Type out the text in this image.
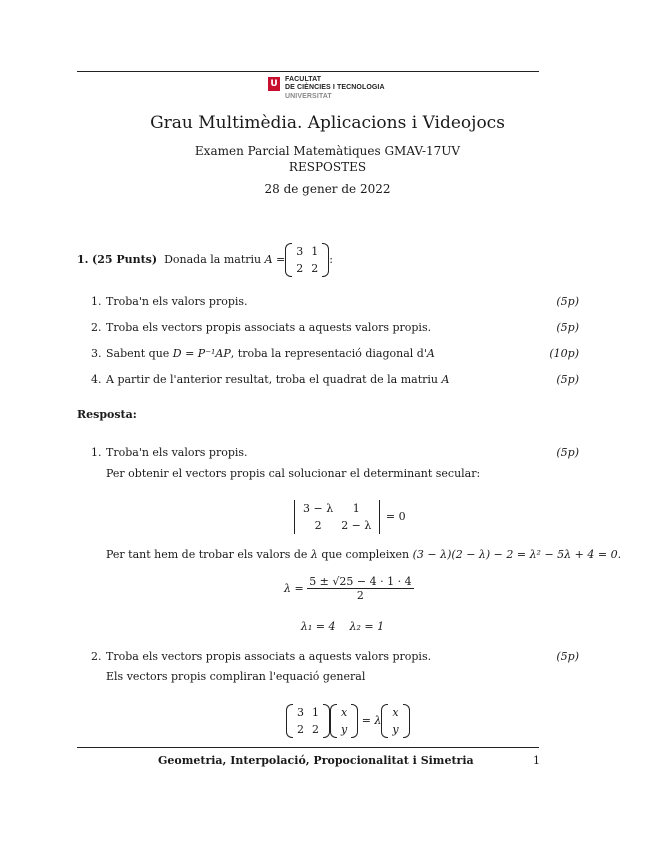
U	FACULTAT
DE CIÈNCIES I TECNOLOGIA
UNIVERSITAT
Grau Multimèdia. Aplicacions i Videojocs
Examen Parcial Matemàtiques GMAV-17UV
RESPOSTES
28 de gener de 2022
1. (25 Punts) Donada la matriu A =
3	1
2	2
:
1. Troba'n els valors propis.	(5p)
2. Troba els vectors propis associats a aquests valors propis.	(5p)
3. Sabent que D = P⁻¹AP, troba la representació diagonal d'A	(10p)
4. A partir de l'anterior resultat, troba el quadrat de la matriu A	(5p)
Resposta:
1. Troba'n els valors propis.	(5p)
Per obtenir el vectors propis cal solucionar el determinant secular:
3 − λ	1
2	2 − λ
= 0
Per tant hem de trobar els valors de λ que compleixen (3 − λ)(2 − λ) − 2 = λ² − 5λ + 4 = 0.
$\lambda = \frac{5 \pm √25 - 4 \cdot 1 \cdot 4}{2}$
λ₁ = 4    λ₂ = 1
2. Troba els vectors propis associats a aquests valors propis.	(5p)
Els vectors propis compliran l'equació general
3	1
2	2
x
y
= λ
x
y
Geometria, Interpolació, Propocionalitat i Simetria	1
